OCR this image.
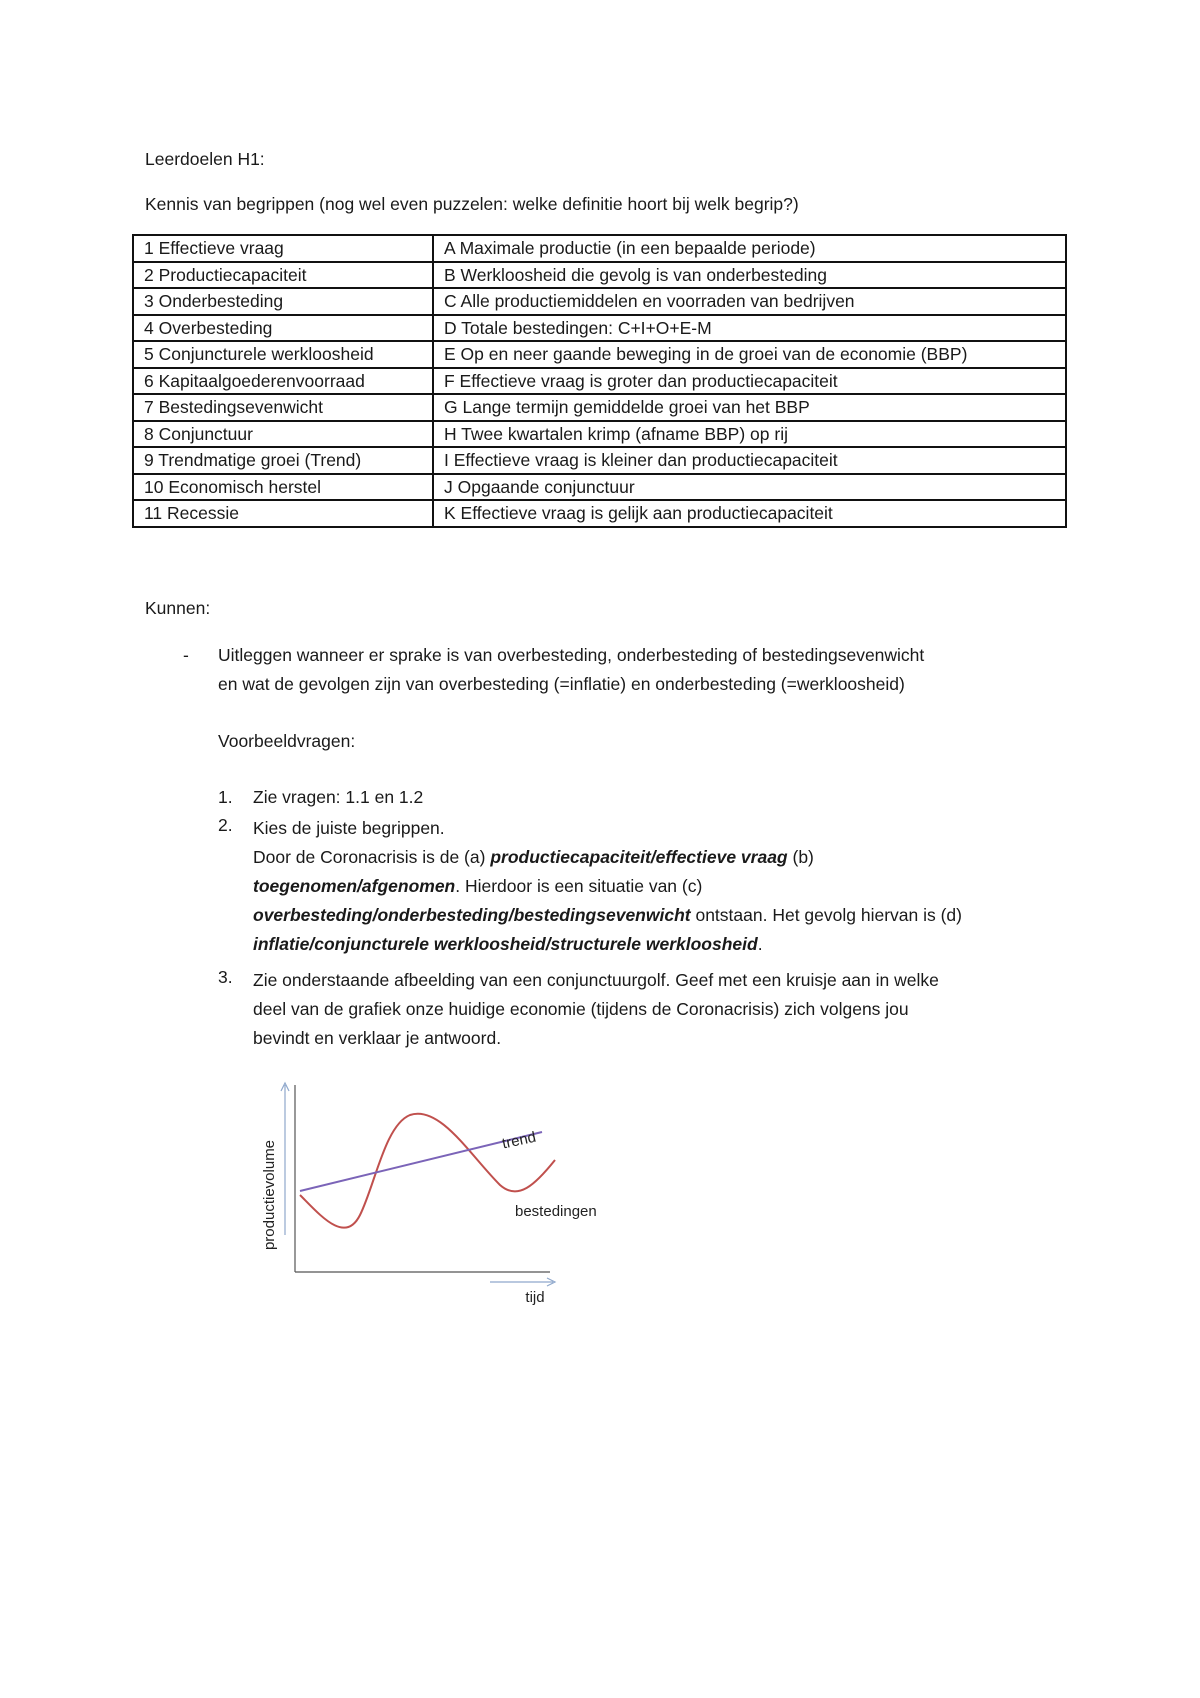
Leerdoelen H1:
Kennis van begrippen (nog wel even puzzelen: welke definitie hoort bij welk begrip?)
1 Effectieve vraag	A Maximale productie (in een bepaalde periode)
2 Productiecapaciteit	B Werkloosheid die gevolg is van onderbesteding
3 Onderbesteding	C Alle productiemiddelen en voorraden van bedrijven
4 Overbesteding	D Totale bestedingen: C+I+O+E-M
5 Conjuncturele werkloosheid	E Op en neer gaande beweging in de groei van de economie (BBP)
6 Kapitaalgoederenvoorraad	F Effectieve vraag is groter dan productiecapaciteit
7 Bestedingsevenwicht	G Lange termijn gemiddelde groei van het BBP
8 Conjunctuur	H Twee kwartalen krimp (afname BBP) op rij
9 Trendmatige groei (Trend)	I Effectieve vraag is kleiner dan productiecapaciteit
10 Economisch herstel	J Opgaande conjunctuur
11 Recessie	K Effectieve vraag is gelijk aan productiecapaciteit
Kunnen:
- Uitleggen wanneer er sprake is van overbesteding, onderbesteding of bestedingsevenwicht
en wat de gevolgen zijn van overbesteding (=inflatie) en onderbesteding (=werkloosheid)
Voorbeeldvragen:
1. Zie vragen: 1.1 en 1.2
2. Kies de juiste begrippen.
Door de Coronacrisis is de (a) productiecapaciteit/effectieve vraag (b)
toegenomen/afgenomen. Hierdoor is een situatie van (c)
overbesteding/onderbesteding/bestedingsevenwicht ontstaan. Het gevolg hiervan is (d)
inflatie/conjuncturele werkloosheid/structurele werkloosheid.
3. Zie onderstaande afbeelding van een conjunctuurgolf. Geef met een kruisje aan in welke
deel van de grafiek onze huidige economie (tijdens de Coronacrisis) zich volgens jou
bevindt en verklaar je antwoord.
trend
bestedingen
productievolume
tijd
